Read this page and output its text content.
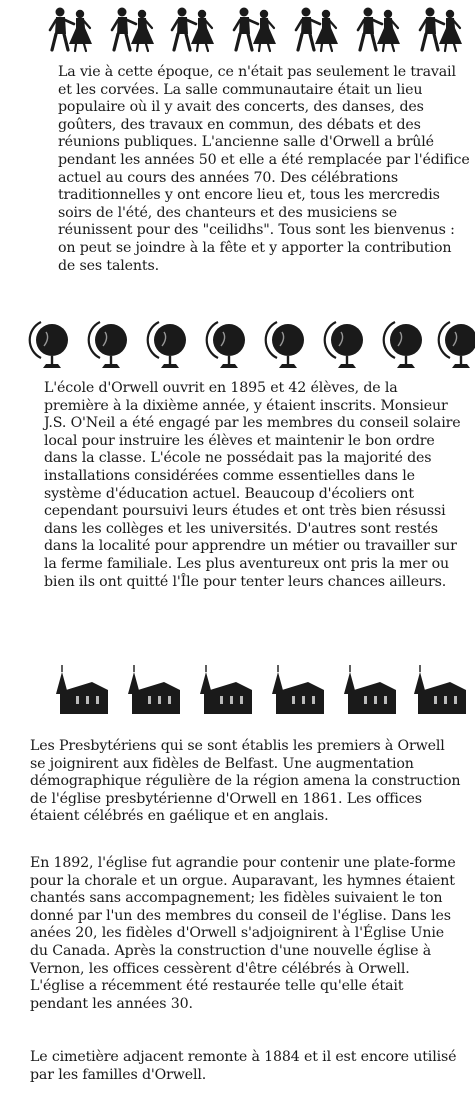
La vie à cette époque, ce n'était pas seulement le travail et les corvées. La salle communautaire était un lieu populaire où il y avait des concerts, des danses, des goûters, des travaux en commun, des débats et des réunions publiques. L'ancienne salle d'Orwell a brûlé pendant les années 50 et elle a été remplacée par l'édifice actuel au cours des années 70. Des célébrations traditionnelles y ont encore lieu et, tous les mercredis soirs de l'été, des chanteurs et des musiciens se réunissent pour des "ceilidhs". Tous sont les bienvenus : on peut se joindre à la fête et y apporter la contribution de ses talents.

L'école d'Orwell ouvrit en 1895 et 42 élèves, de la première à la dixième année, y étaient inscrits. Monsieur J.S. O'Neil a été engagé par les membres du conseil solaire local pour instruire les élèves et maintenir le bon ordre dans la classe. L'école ne possédait pas la majorité des installations considérées comme essentielles dans le système d'éducation actuel. Beaucoup d'écoliers ont cependant poursuivi leurs études et ont très bien résussi dans les collèges et les universités. D'autres sont restés dans la localité pour apprendre un métier ou travailler sur la ferme familiale. Les plus aventureux ont pris la mer ou bien ils ont quitté l'Île pour tenter leurs chances ailleurs.

Les Presbytériens qui se sont établis les premiers à Orwell se joignirent aux fidèles de Belfast. Une augmentation démographique régulière de la région amena la construction de l'église presbytérienne d'Orwell en 1861. Les offices étaient célébrés en gaélique et en anglais.

En 1892, l'église fut agrandie pour contenir une plate-forme pour la chorale et un orgue. Auparavant, les hymnes étaient chantés sans accompagnement; les fidèles suivaient le ton donné par l'un des membres du conseil de l'église. Dans les anées 20, les fidèles d'Orwell s'adjoignirent à l'Église Unie du Canada. Après la construction d'une nouvelle église à Vernon, les offices cessèrent d'être célébrés à Orwell. L'église a récemment été restaurée telle qu'elle était pendant les années 30.

Le cimetière adjacent remonte à 1884 et il est encore utilisé par les familles d'Orwell.
